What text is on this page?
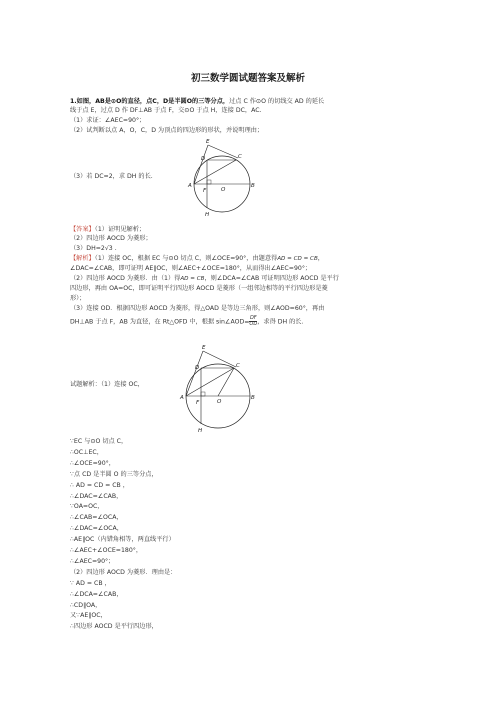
初三数学圆试题答案及解析
1.如图，AB是⊙O的直径，点C，D是半圆O的三等分点，过点 C 作⊙O 的切线交 AD 的延长
线于点 E，过点 D 作 DF⊥AB 于点 F，交⊙O 于点 H，连接 DC，AC.
（1）求证：∠AEC=90°；
（2）试判断以点 A，O，C，D 为顶点的四边形的形状，并说明理由；
E
D	C
A	B
F	O
H
（3）若 DC=2，求 DH 的长.
【答案】（1）证明见解析；
（2）四边形 AOCD 为菱形；
（3）DH=2√3 .
【解析】（1）连接 OC，根据 EC 与⊙O 切点 C，则∠OCE=90°，由题意得AD = CD = CB，
∠DAC=∠CAB，即可证明 AE∥OC，则∠AEC+∠OCE=180°，从而得出∠AEC=90°；
（2）四边形 AOCD 为菱形．由（1）得AD = CB，则∠DCA=∠CAB 可证明四边形 AOCD 是平行
四边形，再由 OA=OC，即可证明平行四边形 AOCD 是菱形（一组邻边相等的平行四边形是菱
形）；
（3）连接 OD．根据四边形 AOCD 为菱形，得△OAD 是等边三角形，则∠AOD=60°，再由
DH⊥AB 于点 F，AB 为直径，在 Rt△OFD 中，根据 sin∠AOD= $\frac{DF}{OD}$ ，求得 DH 的长.
E
D	C
A	B
F	O
H
试题解析：（1）连接 OC，
∵EC 与⊙O 切点 C，
∴OC⊥EC，
∴∠OCE=90°，
∵点 CD 是半圆 O 的三等分点，
∴ AD = CD = CB ，
∴∠DAC=∠CAB，
∵OA=OC，
∴∠CAB=∠OCA，
∴∠DAC=∠OCA，
∴AE∥OC（内错角相等，两直线平行）
∴∠AEC+∠OCE=180°，
∴∠AEC=90°；
（2）四边形 AOCD 为菱形．理由是：
∵ AD = CB ，
∴∠DCA=∠CAB，
∴CD∥OA，
又∵AE∥OC，
∴四边形 AOCD 是平行四边形，
